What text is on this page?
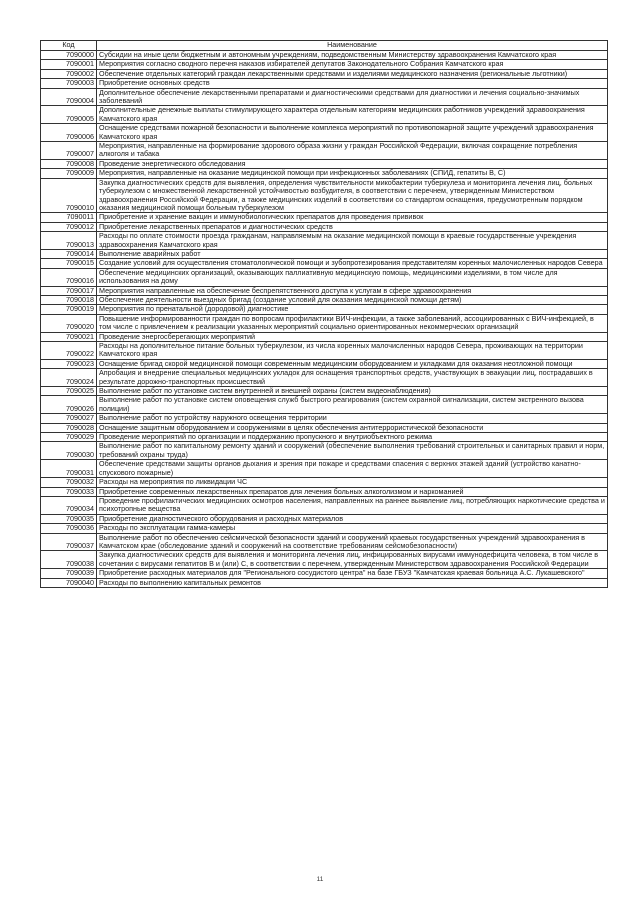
Код	Наименование
7090000	Субсидии на иные цели бюджетным и автономным учреждениям, подведомственным Министерству здравоохранения Камчатского края
7090001	Мероприятия согласно сводного перечня наказов избирателей депутатов Законодательного Собрания Камчатского края
7090002	Обеспечение отдельных категорий граждан лекарственными средствами и изделиями медицинского назначения (региональные льготники)
7090003	Приобретение основных средств
7090004	Дополнительное обеспечение лекарственными препаратами и диагностическими средствами для диагностики и лечения социально-значимых заболеваний
7090005	Дополнительные денежные выплаты стимулирующего характера отдельным категориям медицинских работников учреждений здравоохранения Камчатского края
7090006	Оснащение средствами пожарной безопасности и выполнение комплекса мероприятий по противопожарной защите учреждений здравоохранения Камчатского края
7090007	Мероприятия, направленные на формирование здорового образа жизни у граждан Российской Федерации, включая сокращение потребления алкоголя и табака
7090008	Проведение энергетического обследования
7090009	Мероприятия, направленные на оказание медицинской помощи при инфекционных заболеваниях (СПИД, гепатиты В, С)
7090010	Закупка диагностических средств для выявления, определения чувствительности микобактерии туберкулеза и мониторинга лечения лиц, больных туберкулезом с множественной лекарственной устойчивостью возбудителя, в соответствии с перечнем, утвержденным Министерством здравоохранения Российской Федерации, а также медицинских изделий в соответствии со стандартом оснащения, предусмотренным порядком оказания медицинской помощи больным туберкулезом
7090011	Приобретение и хранение вакцин и иммунобиологических препаратов для проведения прививок
7090012	Приобретение лекарственных препаратов и диагностических средств
7090013	Расходы по оплате стоимости проезда гражданам, направляемым на оказание медицинской помощи в краевые государственные учреждения здравоохранения Камчатского края
7090014	Выполнение аварийных работ
7090015	Создание условий для осуществления стоматологической помощи и зубопротезирования представителям коренных малочисленных народов Севера
7090016	Обеспечение медицинских организаций, оказывающих паллиативную медицинскую помощь, медицинскими изделиями, в том числе для использования на дому
7090017	Мероприятия направленные на обеспечение беспрепятственного доступа к услугам в сфере здравоохранения
7090018	Обеспечение деятельности выездных бригад (создание условий для оказания медицинской помощи детям)
7090019	Мероприятия по пренатальной (дородовой) диагностике
7090020	Повышение информированности граждан по вопросам профилактики ВИЧ-инфекции, а также заболеваний, ассоциированных с ВИЧ-инфекцией, в том числе с привлечением к реализации указанных мероприятий социально ориентированных некоммерческих организаций
7090021	Проведение энергосберегающих мероприятий
7090022	Расходы на дополнительное питание больных туберкулезом, из числа коренных малочисленных народов Севера, проживающих на территории Камчатского края
7090023	Оснащение бригад скорой медицинской помощи современным медицинским оборудованием и укладками для оказания неотложной помощи
7090024	Апробация и внедрение специальных медицинских укладок для оснащения транспортных средств, участвующих в эвакуации лиц, пострадавших в результате дорожно-транспортных происшествий
7090025	Выполнение работ по установке систем внутренней и внешней охраны (систем видеонаблюдения)
7090026	Выполнение работ по установке систем оповещения служб быстрого реагирования (систем охранной сигнализации, систем экстренного вызова полиции)
7090027	Выполнение работ по устройству наружного освещения территории
7090028	Оснащение защитным оборудованием и сооружениями в целях обеспечения антитеррористической безопасности
7090029	Проведение мероприятий по организации и поддержанию пропускного и внутриобъектного режима
7090030	Выполнение работ по капитальному ремонту зданий и сооружений (обеспечение выполнения требований строительных и санитарных правил и норм, требований охраны труда)
7090031	Обеспечение средствами защиты органов дыхания и зрения при пожаре и средствами спасения с верхних этажей зданий (устройство канатно-спускового пожарные)
7090032	Расходы на мероприятия по ликвидации ЧС
7090033	Приобретение современных лекарственных препаратов для лечения больных алкоголизмом и наркоманией
7090034	Проведение профилактических медицинских осмотров населения, направленных на раннее выявление лиц, потребляющих наркотические средства и психотропные вещества
7090035	Приобретение диагностического оборудования и расходных материалов
7090036	Расходы по эксплуатации гамма-камеры
7090037	Выполнение работ по обеспечению сейсмической безопасности зданий и сооружений краевых государственных учреждений здравоохранения в Камчатском крае (обследование зданий и сооружений на соответствие требованиям сейсмобезопасности)
7090038	Закупка диагностических средств для выявления и мониторинга лечения лиц, инфицированных вирусами иммунодефицита человека, в том числе в сочетании с вирусами гепатитов В и (или) С, в соответствии с перечнем, утвержденным Министерством здравоохранения Российской Федерации
7090039	Приобретение расходных материалов для "Регионального сосудистого центра" на базе ГБУЗ "Камчатская краевая больница А.С. Лукашевского"
7090040	Расходы по выполнению капитальных ремонтов
11
